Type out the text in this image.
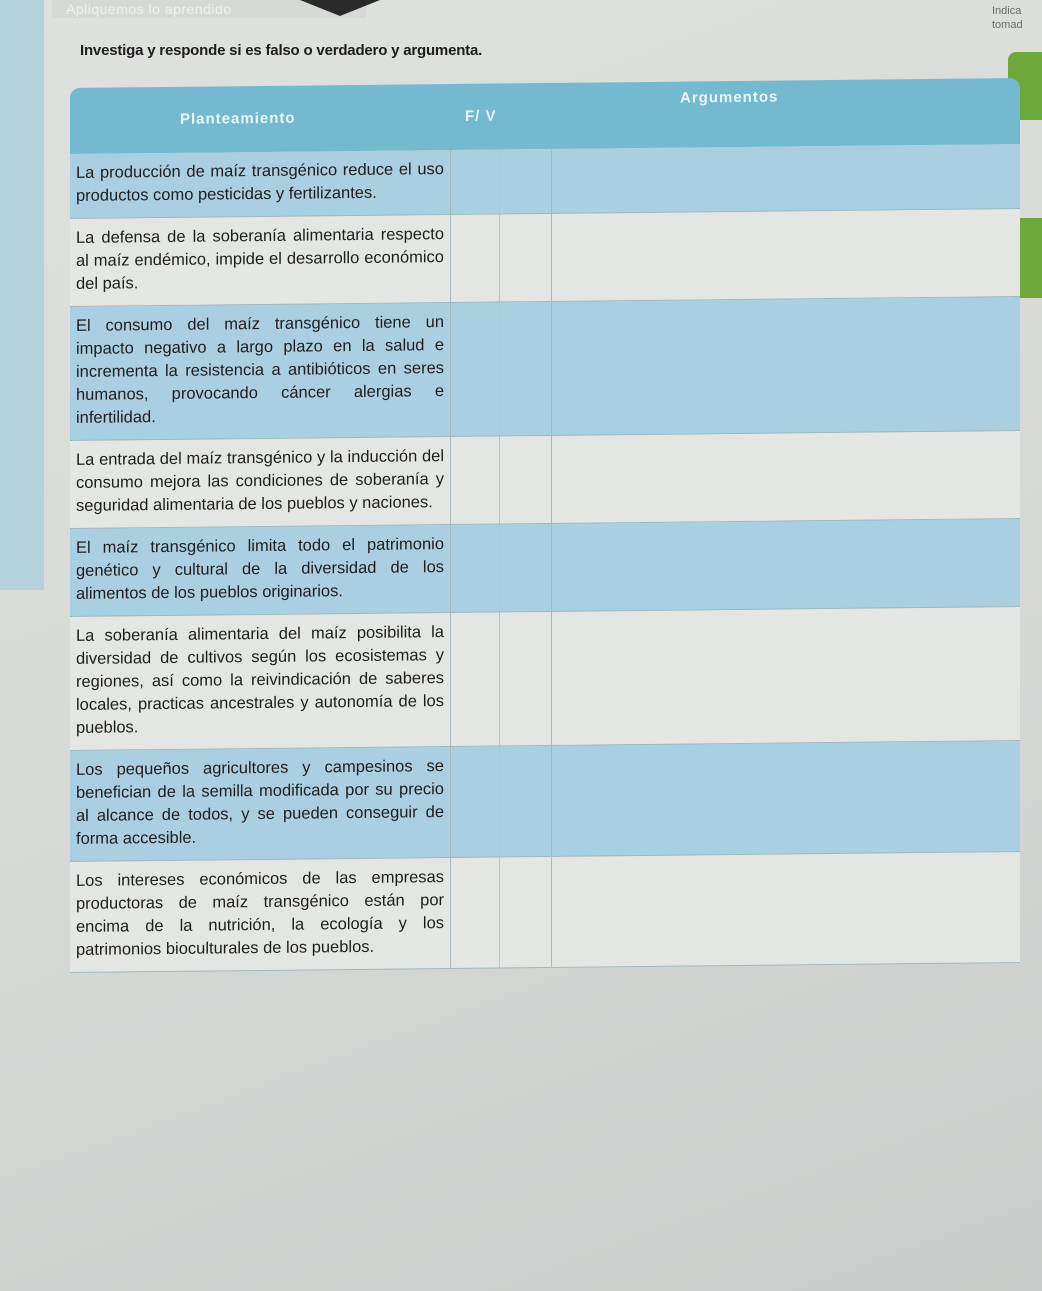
Apliquemos lo aprendido	Indica
tomad
Investiga y responde si es falso o verdadero y argumenta.
Planteamiento	F/ V
Argumentos
La producción de maíz transgénico reduce el uso productos como pesticidas y fertilizantes.
La defensa de la soberanía alimentaria respecto al maíz endémico, impide el desarrollo económico del país.
El consumo del maíz transgénico tiene un impacto negativo a largo plazo en la salud e incrementa la resistencia a antibióticos en seres humanos, provocando cáncer alergias e infertilidad.
La entrada del maíz transgénico y la inducción del consumo mejora las condiciones de soberanía y seguridad alimentaria de los pueblos y naciones.
El maíz transgénico limita todo el patrimonio genético y cultural de la diversidad de los alimentos de los pueblos originarios.
La soberanía alimentaria del maíz posibilita la diversidad de cultivos según los ecosistemas y regiones, así como la reivindicación de saberes locales, practicas ancestrales y autonomía de los pueblos.
Los pequeños agricultores y campesinos se benefician de la semilla modificada por su precio al alcance de todos, y se pueden conseguir de forma accesible.
Los intereses económicos de las empresas productoras de maíz transgénico están por encima de la nutrición, la ecología y los patrimonios bioculturales de los pueblos.
